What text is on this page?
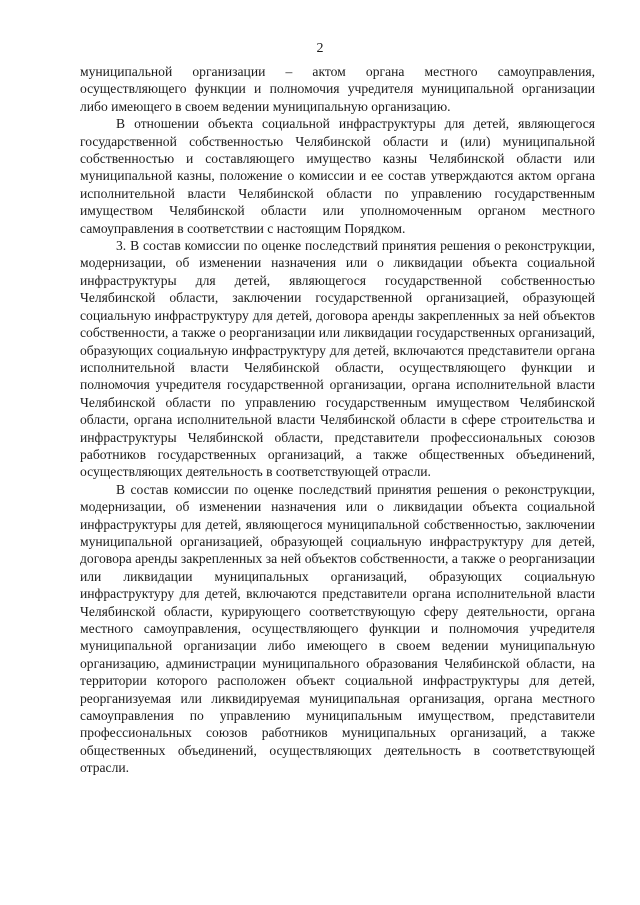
2

муниципальной организации – актом органа местного самоуправления, осуществляющего функции и полномочия учредителя муниципальной организации либо имеющего в своем ведении муниципальную организацию.

В отношении объекта социальной инфраструктуры для детей, являющегося государственной собственностью Челябинской области и (или) муниципальной собственностью и составляющего имущество казны Челябинской области или муниципальной казны, положение о комиссии и ее состав утверждаются актом органа исполнительной власти Челябинской области по управлению государственным имуществом Челябинской области или уполномоченным органом местного самоуправления в соответствии с настоящим Порядком.

3. В состав комиссии по оценке последствий принятия решения о реконструкции, модернизации, об изменении назначения или о ликвидации объекта социальной инфраструктуры для детей, являющегося государственной собственностью Челябинской области, заключении государственной организацией, образующей социальную инфраструктуру для детей, договора аренды закрепленных за ней объектов собственности, а также о реорганизации или ликвидации государственных организаций, образующих социальную инфраструктуру для детей, включаются представители органа исполнительной власти Челябинской области, осуществляющего функции и полномочия учредителя государственной организации, органа исполнительной власти Челябинской области по управлению государственным имуществом Челябинской области, органа исполнительной власти Челябинской области в сфере строительства и инфраструктуры Челябинской области, представители профессиональных союзов работников государственных организаций, а также общественных объединений, осуществляющих деятельность в соответствующей отрасли.

В состав комиссии по оценке последствий принятия решения о реконструкции, модернизации, об изменении назначения или о ликвидации объекта социальной инфраструктуры для детей, являющегося муниципальной собственностью, заключении муниципальной организацией, образующей социальную инфраструктуру для детей, договора аренды закрепленных за ней объектов собственности, а также о реорганизации или ликвидации муниципальных организаций, образующих социальную инфраструктуру для детей, включаются представители органа исполнительной власти Челябинской области, курирующего соответствующую сферу деятельности, органа местного самоуправления, осуществляющего функции и полномочия учредителя муниципальной организации либо имеющего в своем ведении муниципальную организацию, администрации муниципального образования Челябинской области, на территории которого расположен объект социальной инфраструктуры для детей, реорганизуемая или ликвидируемая муниципальная организация, органа местного самоуправления по управлению муниципальным имуществом, представители профессиональных союзов работников муниципальных организаций, а также общественных объединений, осуществляющих деятельность в соответствующей отрасли.
